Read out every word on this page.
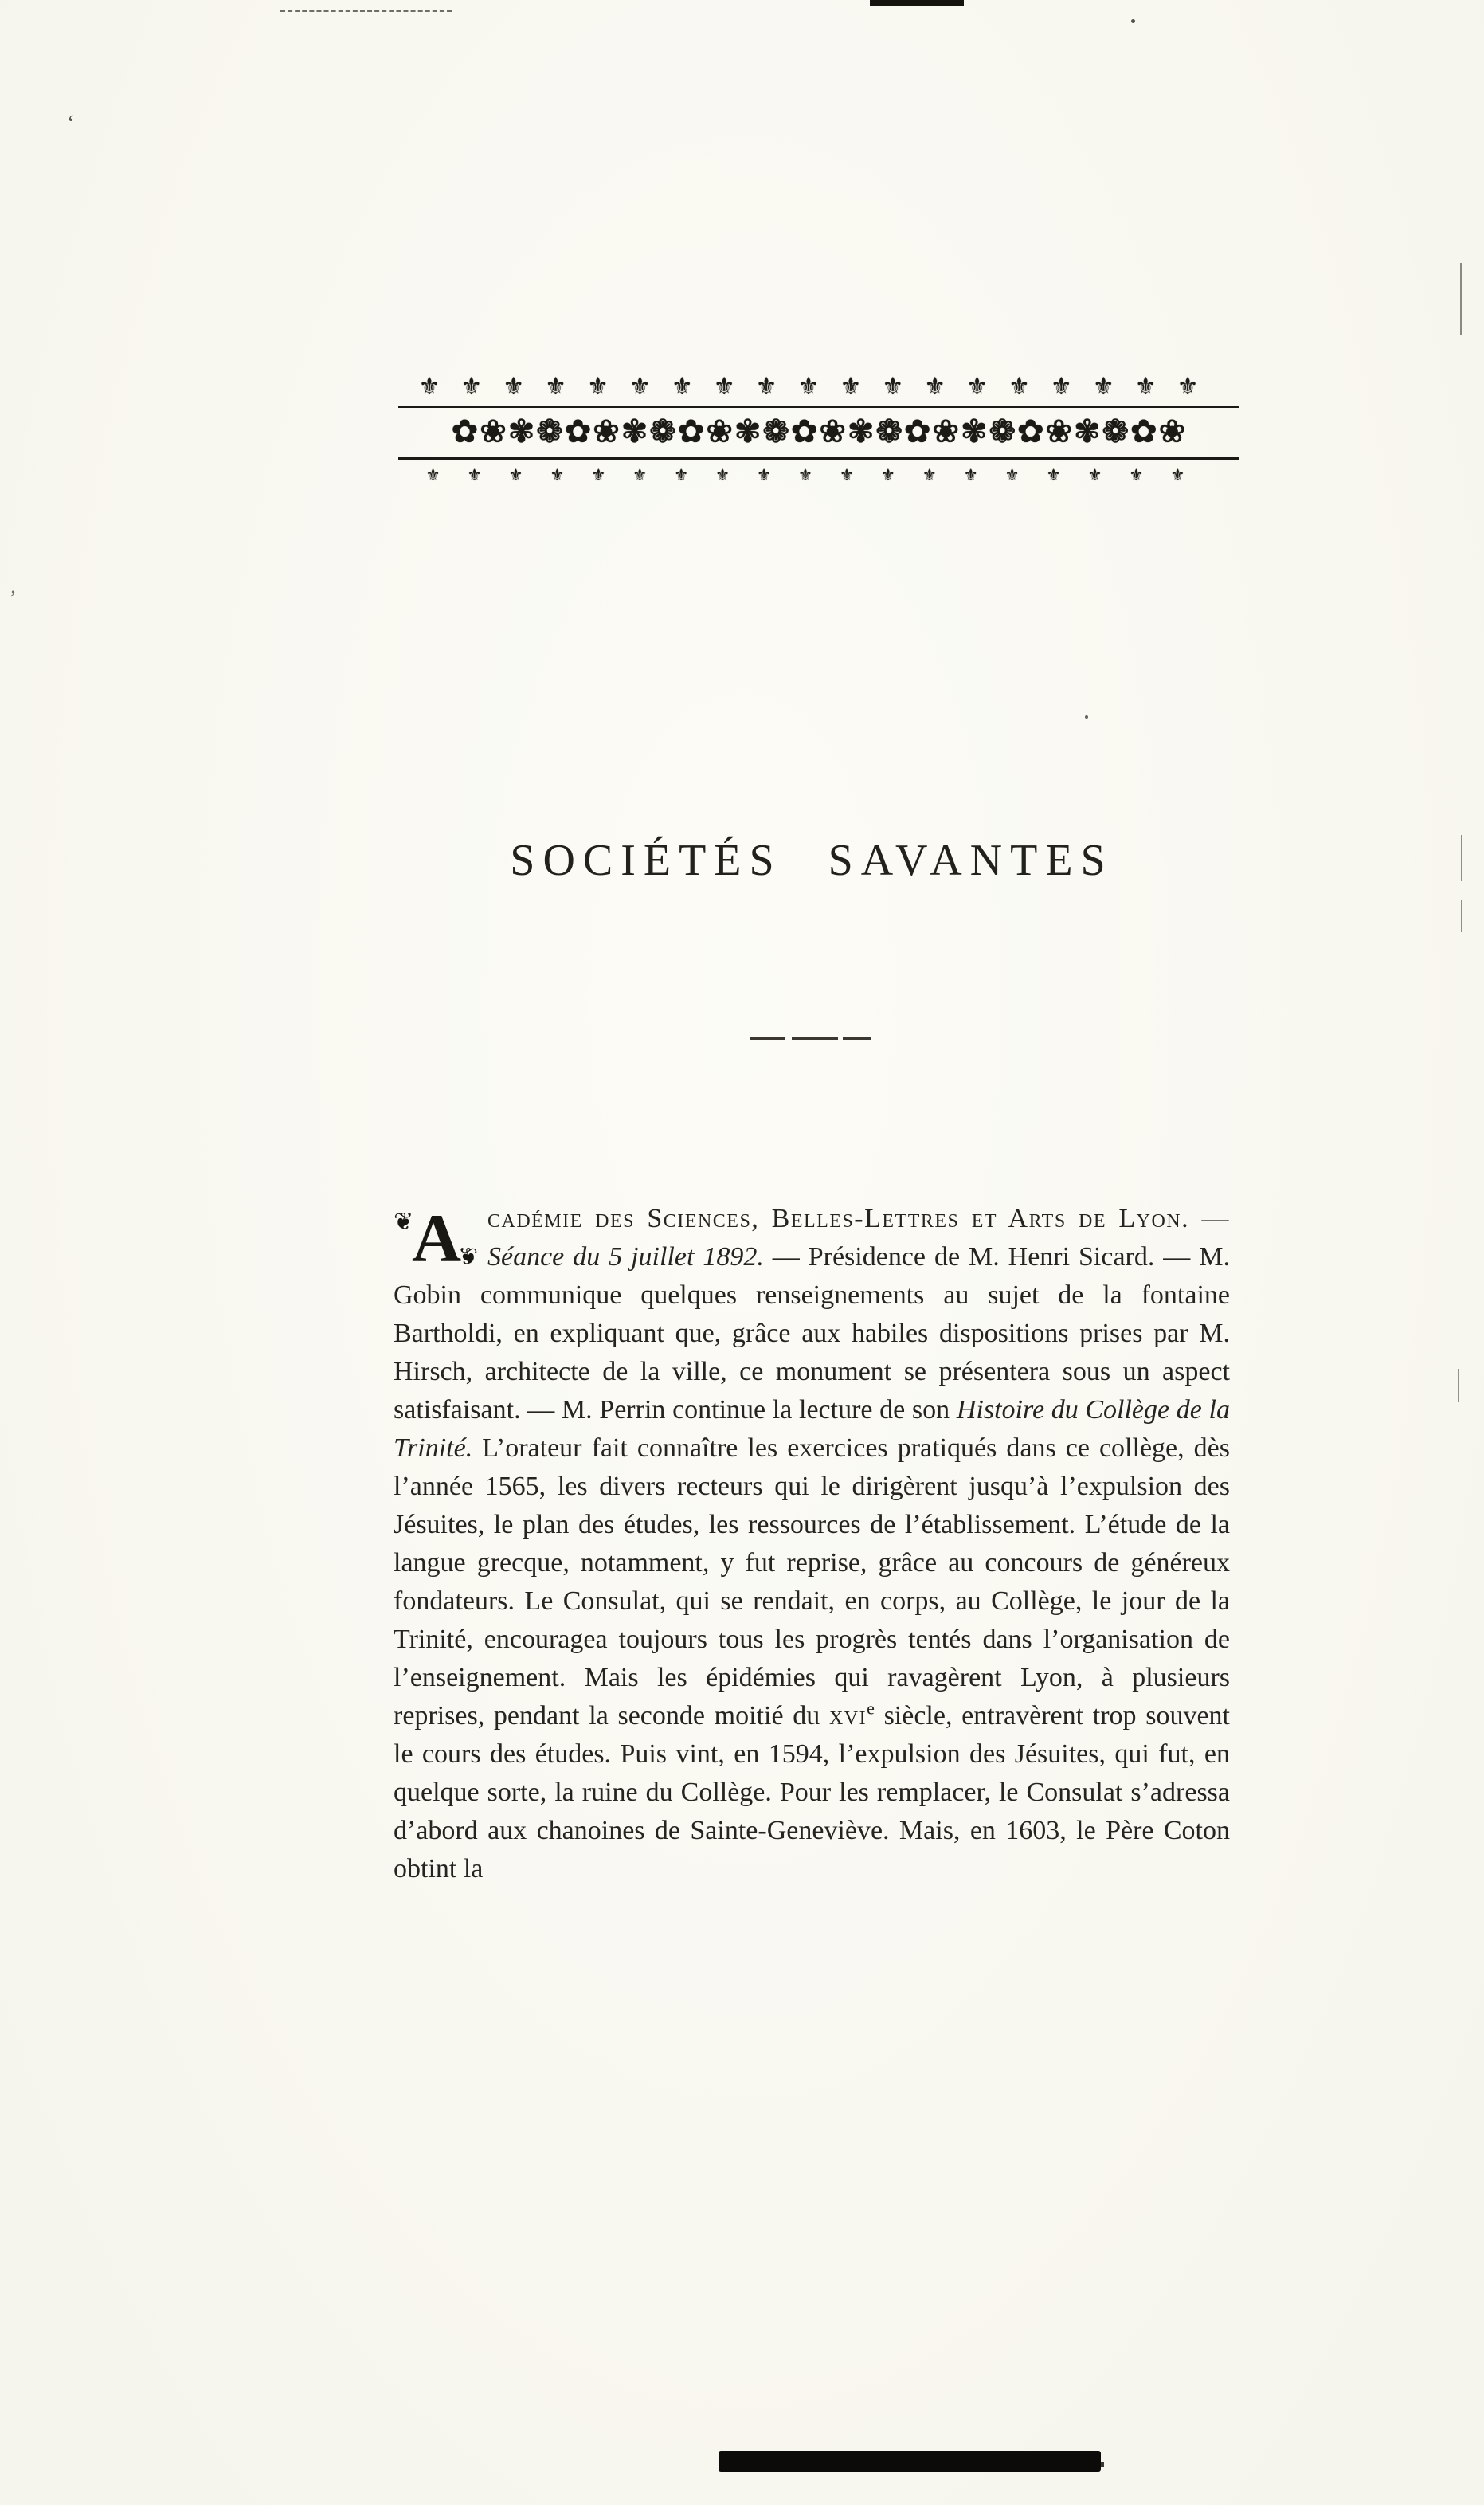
‘
’
⚜⚜⚜⚜⚜⚜⚜⚜⚜⚜⚜⚜⚜⚜⚜⚜⚜⚜⚜
✿❀✾❁✿❀✾❁✿❀✾❁✿❀✾❁✿❀✾❁✿❀✾❁✿❀
⚜⚜⚜⚜⚜⚜⚜⚜⚜⚜⚜⚜⚜⚜⚜⚜⚜⚜⚜
SOCIÉTÉS SAVANTES
❦
A
❦
cadémie des Sciences, Belles-Lettres et Arts de Lyon. — Séance du 5 juillet 1892. — Présidence de M. Henri Sicard. — M. Gobin communique quelques renseignements au sujet de la fontaine Bartholdi, en expliquant que, grâce aux habiles dispositions prises par M. Hirsch, architecte de la ville, ce monument se présentera sous un aspect satisfaisant. — M. Perrin continue la lecture de son Histoire du Collège de la Trinité. L’orateur fait connaître les exercices pratiqués dans ce collège, dès l’année 1565, les divers recteurs qui le dirigèrent jusqu’à l’expulsion des Jésuites, le plan des études, les ressources de l’établissement. L’étude de la langue grecque, notamment, y fut reprise, grâce au concours de généreux fondateurs. Le Consulat, qui se rendait, en corps, au Collège, le jour de la Trinité, encouragea toujours tous les progrès tentés dans l’organisation de l’enseignement. Mais les épidémies qui ravagèrent Lyon, à plusieurs reprises, pendant la seconde moitié du xvi$^e$ siècle, entravèrent trop souvent le cours des études. Puis vint, en 1594, l’expulsion des Jésuites, qui fut, en quelque sorte, la ruine du Collège. Pour les remplacer, le Consulat s’adressa d’abord aux chanoines de Sainte-Geneviève. Mais, en 1603, le Père Coton obtint la
